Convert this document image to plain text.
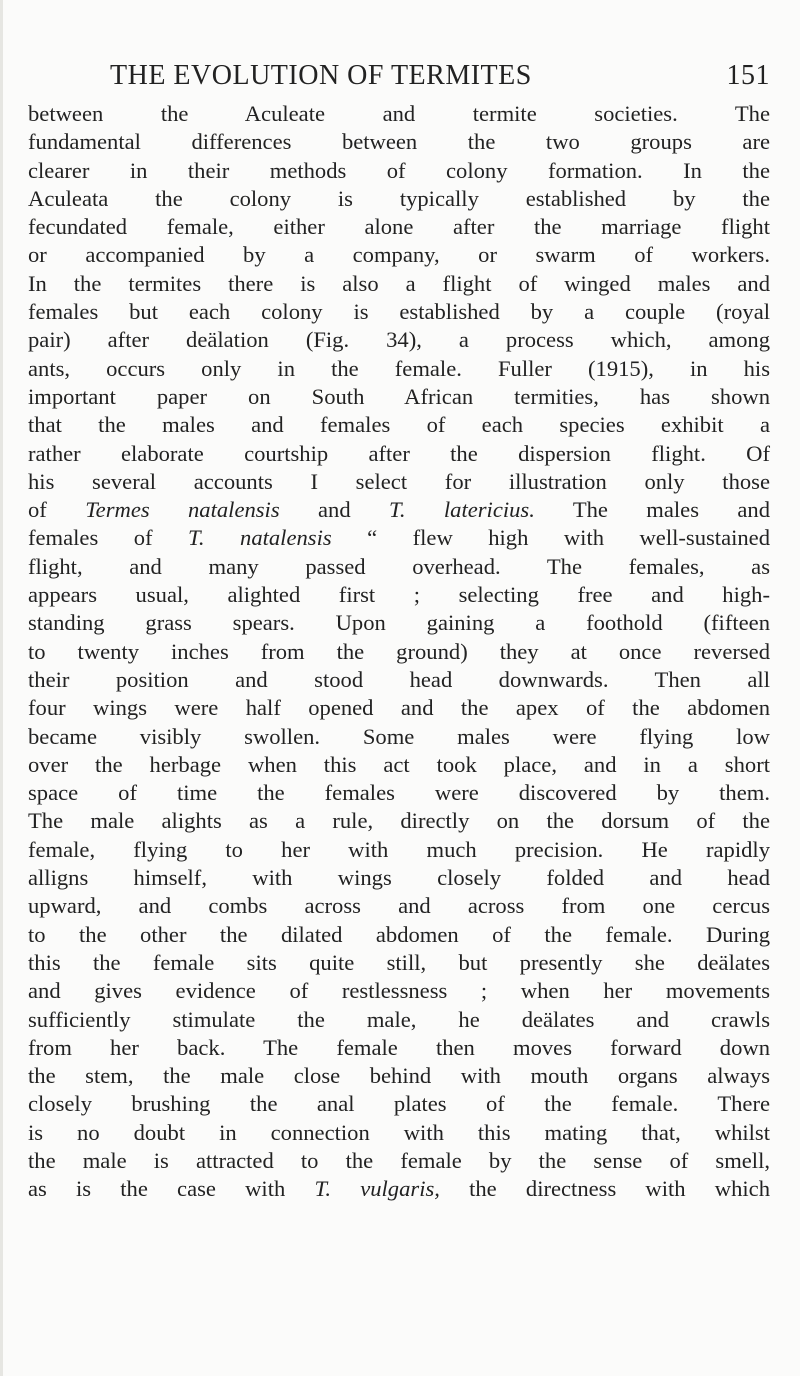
THE EVOLUTION OF TERMITES	151
between the Aculeate and termite societies. The
fundamental differences between the two groups are
clearer in their methods of colony formation. In the
Aculeata the colony is typically established by the
fecundated female, either alone after the marriage flight
or accompanied by a company, or swarm of workers.
In the termites there is also a flight of winged males and
females but each colony is established by a couple (royal
pair) after deälation (Fig. 34), a process which, among
ants, occurs only in the female. Fuller (1915), in his
important paper on South African termities, has shown
that the males and females of each species exhibit a
rather elaborate courtship after the dispersion flight. Of
his several accounts I select for illustration only those
of Termes natalensis and T. latericius. The males and
females of T. natalensis “ flew high with well-sustained
flight, and many passed overhead. The females, as
appears usual, alighted first ; selecting free and high-
standing grass spears. Upon gaining a foothold (fifteen
to twenty inches from the ground) they at once reversed
their position and stood head downwards. Then all
four wings were half opened and the apex of the abdomen
became visibly swollen. Some males were flying low
over the herbage when this act took place, and in a short
space of time the females were discovered by them.
The male alights as a rule, directly on the dorsum of the
female, flying to her with much precision. He rapidly
alligns himself, with wings closely folded and head
upward, and combs across and across from one cercus
to the other the dilated abdomen of the female. During
this the female sits quite still, but presently she deälates
and gives evidence of restlessness ; when her movements
sufficiently stimulate the male, he deälates and crawls
from her back. The female then moves forward down
the stem, the male close behind with mouth organs always
closely brushing the anal plates of the female. There
is no doubt in connection with this mating that, whilst
the male is attracted to the female by the sense of smell,
as is the case with T. vulgaris, the directness with which
